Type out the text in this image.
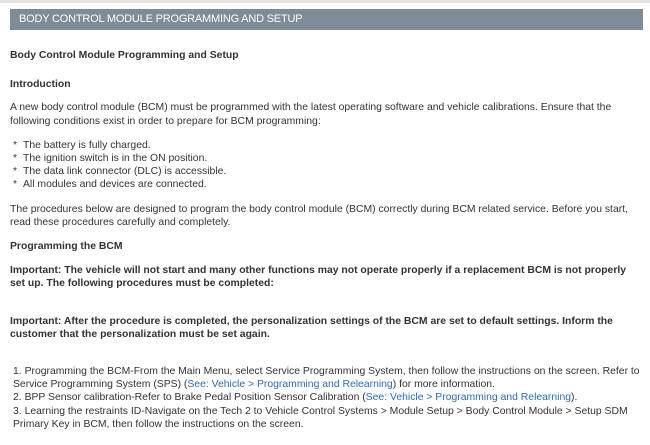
BODY CONTROL MODULE PROGRAMMING AND SETUP

Body Control Module Programming and Setup

Introduction

A new body control module (BCM) must be programmed with the latest operating software and vehicle calibrations. Ensure that the following conditions exist in order to prepare for BCM programming:

* The battery is fully charged.
* The ignition switch is in the ON position.
* The data link connector (DLC) is accessible.
* All modules and devices are connected.

The procedures below are designed to program the body control module (BCM) correctly during BCM related service. Before you start, read these procedures carefully and completely.

Programming the BCM

Important: The vehicle will not start and many other functions may not operate properly if a replacement BCM is not properly set up. The following procedures must be completed:

Important: After the procedure is completed, the personalization settings of the BCM are set to default settings. Inform the customer that the personalization must be set again.

1. Programming the BCM-From the Main Menu, select Service Programming System, then follow the instructions on the screen. Refer to Service Programming System (SPS) (See: Vehicle > Programming and Relearning) for more information.
2. BPP Sensor calibration-Refer to Brake Pedal Position Sensor Calibration (See: Vehicle > Programming and Relearning).
3. Learning the restraints ID-Navigate on the Tech 2 to Vehicle Control Systems > Module Setup > Body Control Module > Setup SDM Primary Key in BCM, then follow the instructions on the screen.
